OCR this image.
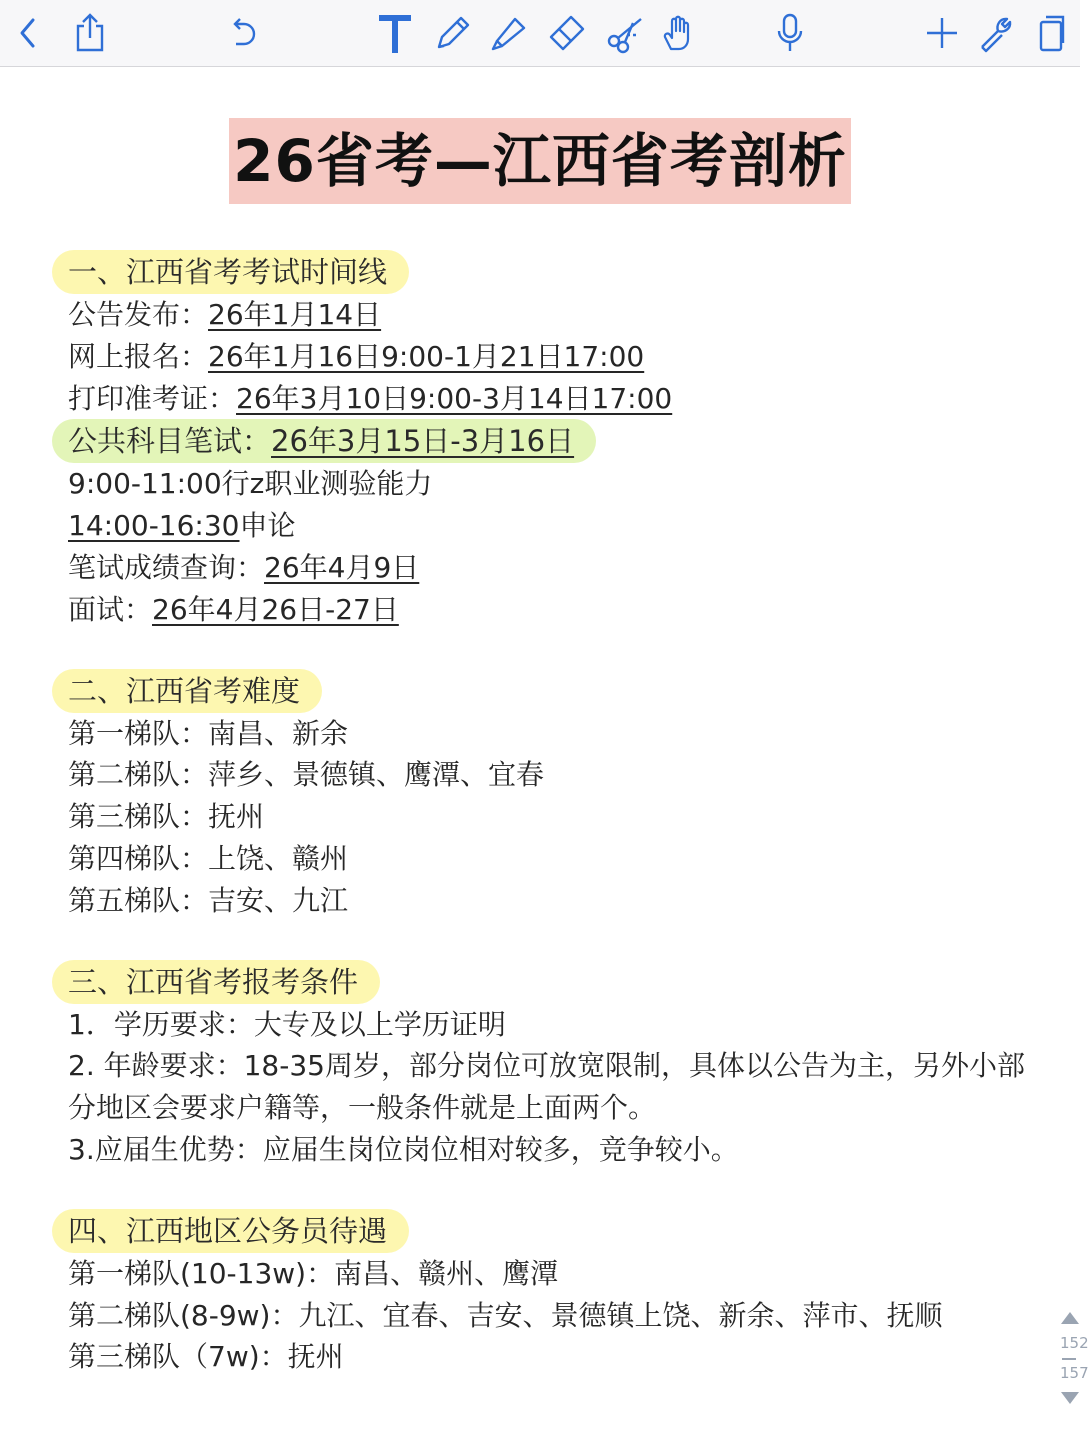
26省考—江西省考剖析
一、江西省考考试时间线
公告发布：26年1月14日
网上报名：26年1月16日9:00-1月21日17:00
打印准考证：26年3月10日9:00-3月14日17:00
公共科目笔试：26年3月15日-3月16日
9:00-11:00行z职业测验能力
14:00-16:30申论
笔试成绩查询：26年4月9日
面试：26年4月26日-27日
二、江西省考难度
第一梯队：南昌、新余
第二梯队：萍乡、景德镇、鹰潭、宜春
第三梯队：抚州
第四梯队：上饶、赣州
第五梯队：吉安、九江
三、江西省考报考条件
1．学历要求：大专及以上学历证明
2. 年龄要求：18-35周岁，部分岗位可放宽限制，具体以公告为主，另外小部分地区会要求户籍等，一般条件就是上面两个。
3.应届生优势：应届生岗位岗位相对较多，竞争较小。
四、江西地区公务员待遇
第一梯队(10-13w)：南昌、赣州、鹰潭
第二梯队(8-9w)：九江、宜春、吉安、景德镇上饶、新余、萍市、抚顺
第三梯队（7w)：抚州	152
157
